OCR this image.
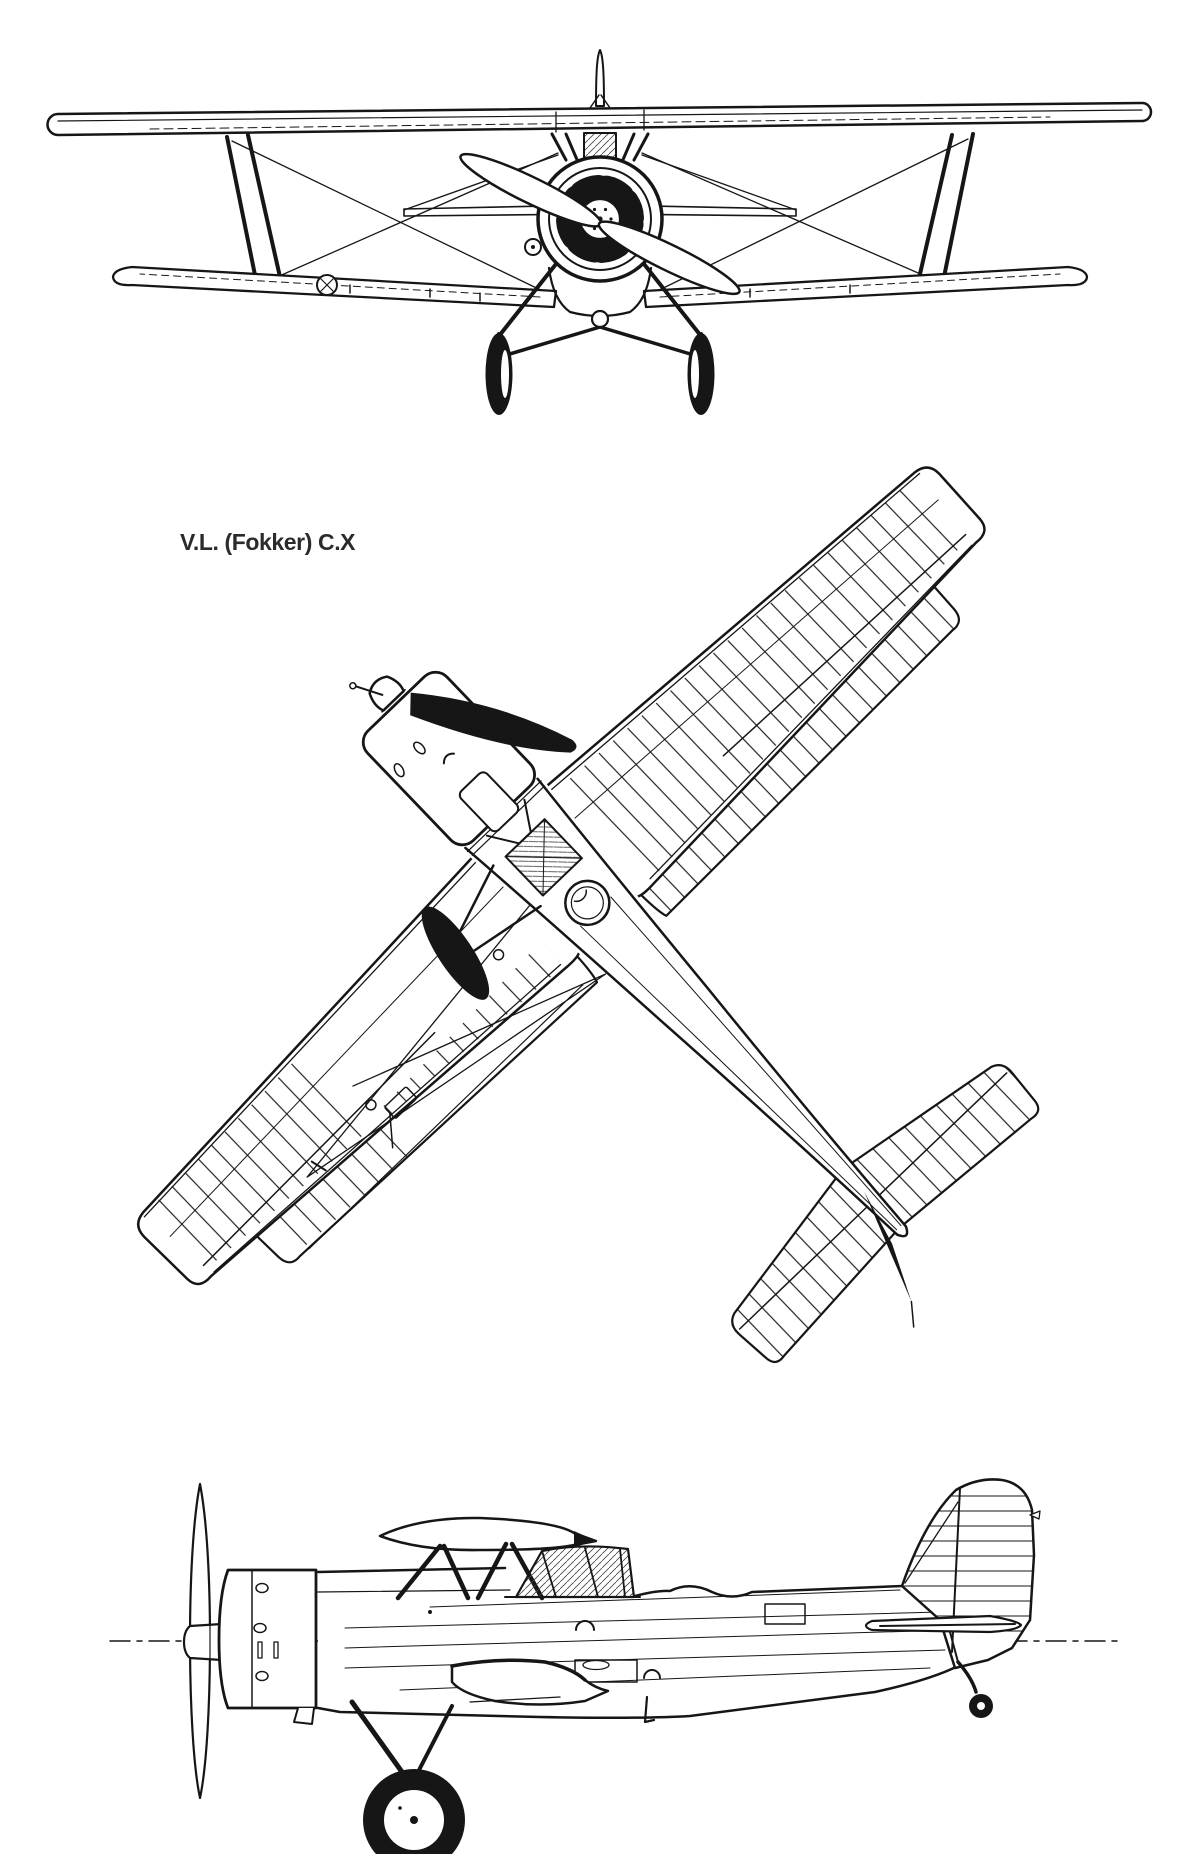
V.L. (Fokker) C.X
